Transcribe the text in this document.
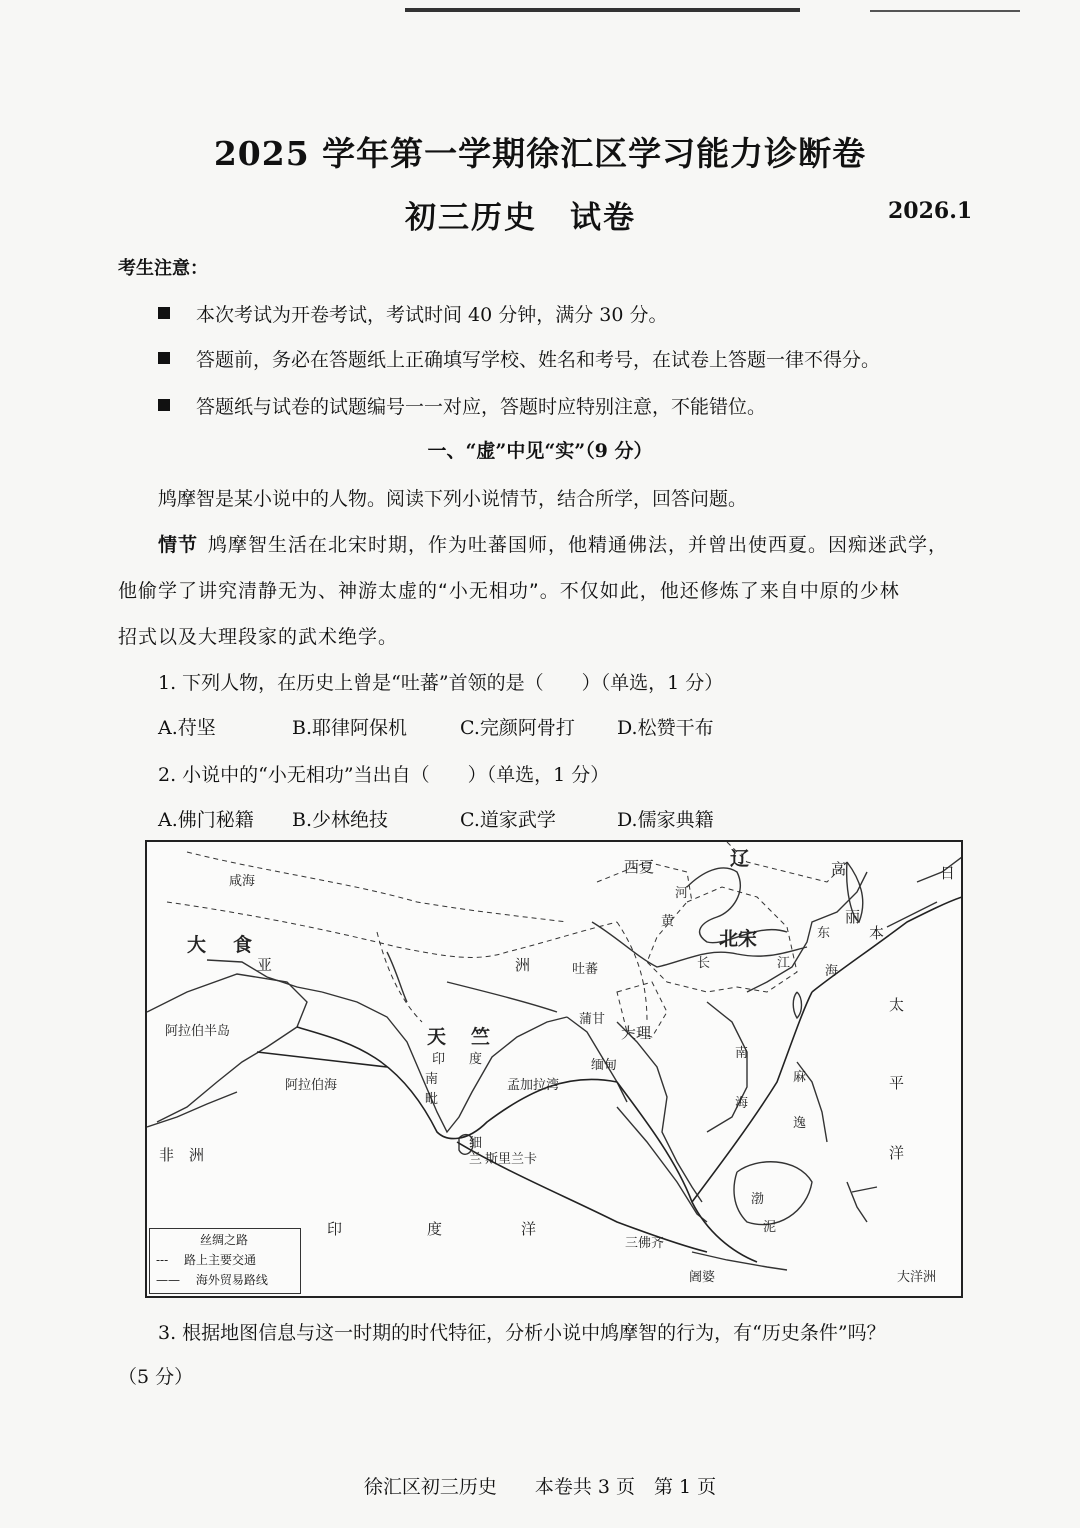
2025 学年第一学期徐汇区学习能力诊断卷
初三历史　试卷	2026.1
考生注意：
本次考试为开卷考试，考试时间 40 分钟，满分 30 分。
答题前，务必在答题纸上正确填写学校、姓名和考号，在试卷上答题一律不得分。
答题纸与试卷的试题编号一一对应，答题时应特别注意，不能错位。
一、“虚”中见“实”（9 分）
鸠摩智是某小说中的人物。阅读下列小说情节，结合所学，回答问题。
情节 鸠摩智生活在北宋时期，作为吐蕃国师，他精通佛法，并曾出使西夏。因痴迷武学，
他偷学了讲究清静无为、神游太虚的“小无相功”。不仅如此，他还修炼了来自中原的少林
招式以及大理段家的武术绝学。
1. 下列人物，在历史上曾是“吐蕃”首领的是（　　）（单选，1 分）
A.苻坚	B.耶律阿保机	C.完颜阿骨打 D.松赞干布
2. 小说中的“小无相功”当出自（　　）（单选，1 分）
A.佛门秘籍 B.少林绝技	C.道家武学	D.儒家典籍
西夏	辽	高
丽
日
本
河
黄
北宋
长	江
东
海
大 食
亚	洲	吐蕃
天 竺
印 度
大理
蒲甘
缅甸
阿拉伯半岛
阿拉伯海	孟加拉湾
南
毗
细
兰 斯里兰卡
非　洲
印	度	洋
南
海
三佛齐
阇婆
渤
泥
麻
逸
太
平
洋
大洋洲
咸海
丝绸之路
---　 路上主要交通
——　 海外贸易路线
3. 根据地图信息与这一时期的时代特征，分析小说中鸠摩智的行为，有“历史条件”吗？
（5 分）
徐汇区初三历史　　本卷共 3 页　第 1 页
